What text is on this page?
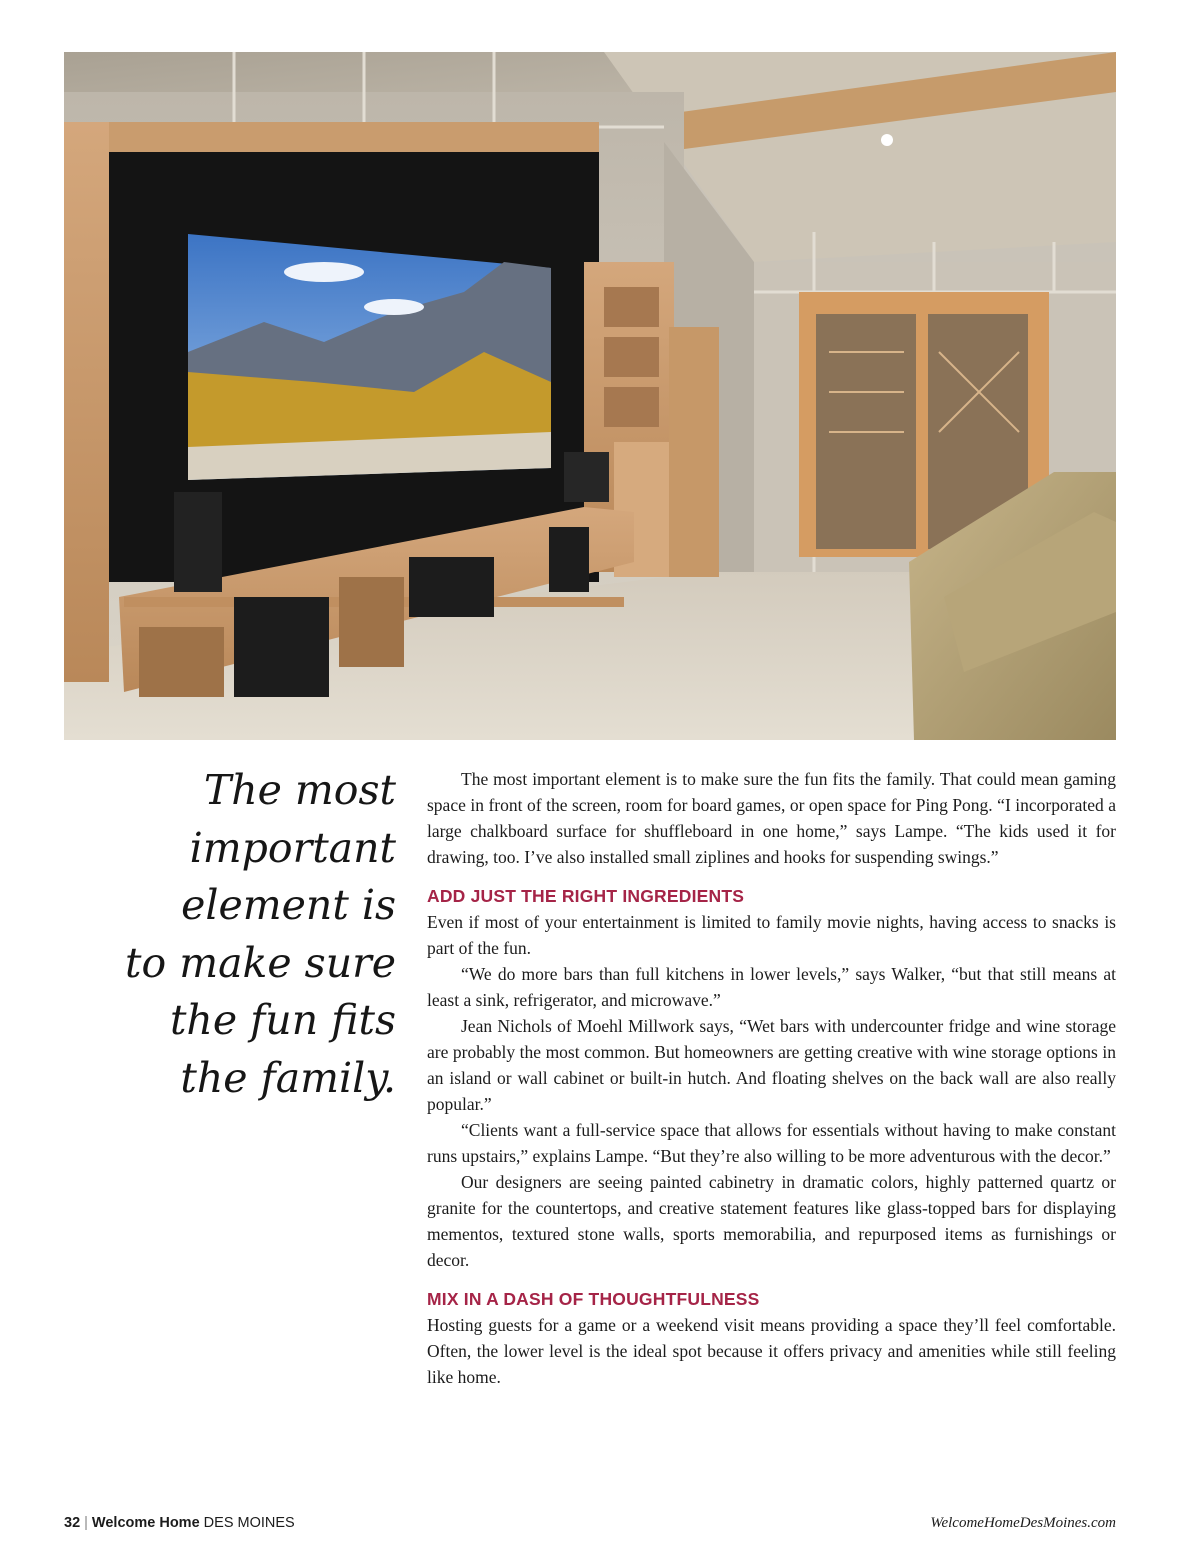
The most
important
element is
to make sure
the fun fits
the family.

The most important element is to make sure the fun fits the family. That could mean gaming space in front of the screen, room for board games, or open space for Ping Pong. “I incorporated a large chalkboard surface for shuffleboard in one home,” says Lampe. “The kids used it for drawing, too. I’ve also installed small ziplines and hooks for suspending swings.”

ADD JUST THE RIGHT INGREDIENTS

Even if most of your entertainment is limited to family movie nights, having access to snacks is part of the fun.

“We do more bars than full kitchens in lower levels,” says Walker, “but that still means at least a sink, refrigerator, and microwave.”

Jean Nichols of Moehl Millwork says, “Wet bars with undercounter fridge and wine storage are probably the most common. But homeowners are getting creative with wine storage options in an island or wall cabinet or built-in hutch. And floating shelves on the back wall are also really popular.”

“Clients want a full-service space that allows for essentials without having to make constant runs upstairs,” explains Lampe. “But they’re also willing to be more adventurous with the decor.”

Our designers are seeing painted cabinetry in dramatic colors, highly patterned quartz or granite for the countertops, and creative statement features like glass-topped bars for displaying mementos, textured stone walls, sports memorabilia, and repurposed items as furnishings or decor.

MIX IN A DASH OF THOUGHTFULNESS

Hosting guests for a game or a weekend visit means providing a space they’ll feel comfortable. Often, the lower level is the ideal spot because it offers privacy and amenities while still feeling like home.

32 | Welcome Home DES MOINES	WelcomeHomeDesMoines.com
